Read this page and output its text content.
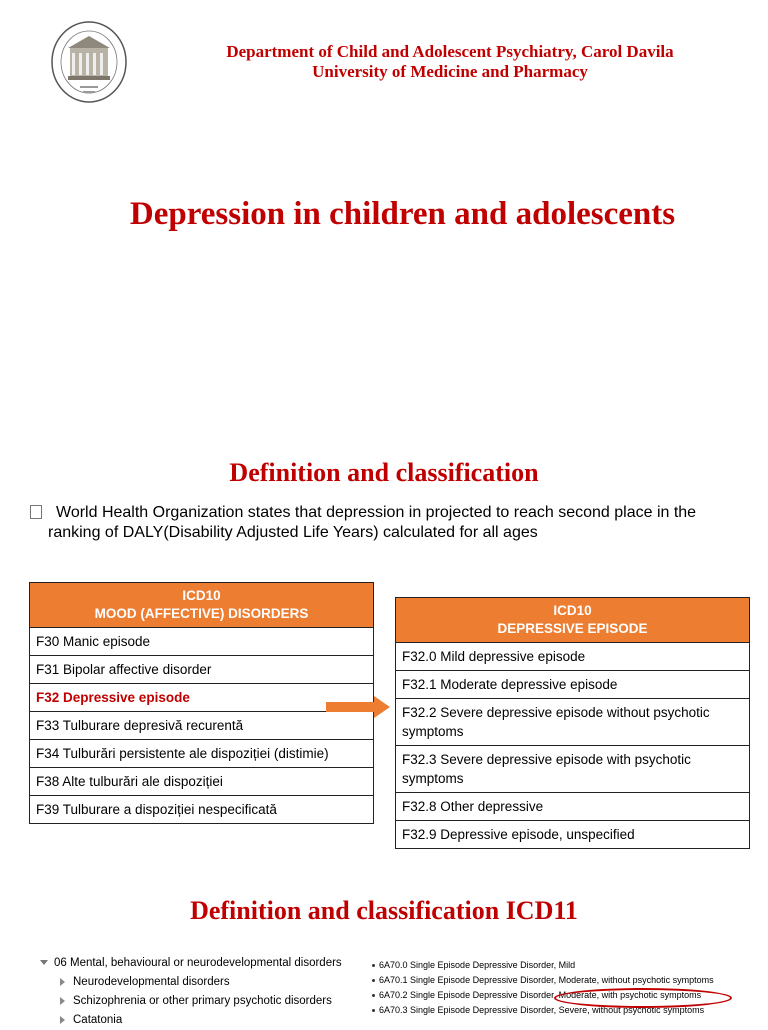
Department of Child and Adolescent Psychiatry, Carol Davila
University of Medicine and Pharmacy
Depression in children and adolescents
Definition and classification
World Health Organization states that depression in projected to reach second place in the ranking of DALY(Disability Adjusted Life Years) calculated for all ages
ICD10
MOOD (AFFECTIVE) DISORDERS

F30 Manic episode
F31 Bipolar affective disorder
F32 Depressive episode
F33 Tulburare depresivă recurentă
F34 Tulburări persistente ale dispoziției (distimie)
F38 Alte tulburări ale dispoziției
F39 Tulburare a dispoziției nespecificată
ICD10
DEPRESSIVE EPISODE

F32.0 Mild depressive episode
F32.1 Moderate depressive episode
F32.2 Severe depressive episode without psychotic symptoms
F32.3 Severe depressive episode with psychotic symptoms
F32.8 Other depressive
F32.9 Depressive episode, unspecified
Definition and classification ICD11
06 Mental, behavioural or neurodevelopmental disorders
Neurodevelopmental disorders
Schizophrenia or other primary psychotic disorders
Catatonia
6A70.0 Single Episode Depressive Disorder, Mild
6A70.1 Single Episode Depressive Disorder, Moderate, without psychotic symptoms
6A70.2 Single Episode Depressive Disorder, Moderate, with psychotic symptoms
6A70.3 Single Episode Depressive Disorder, Severe, without psychotic symptoms
